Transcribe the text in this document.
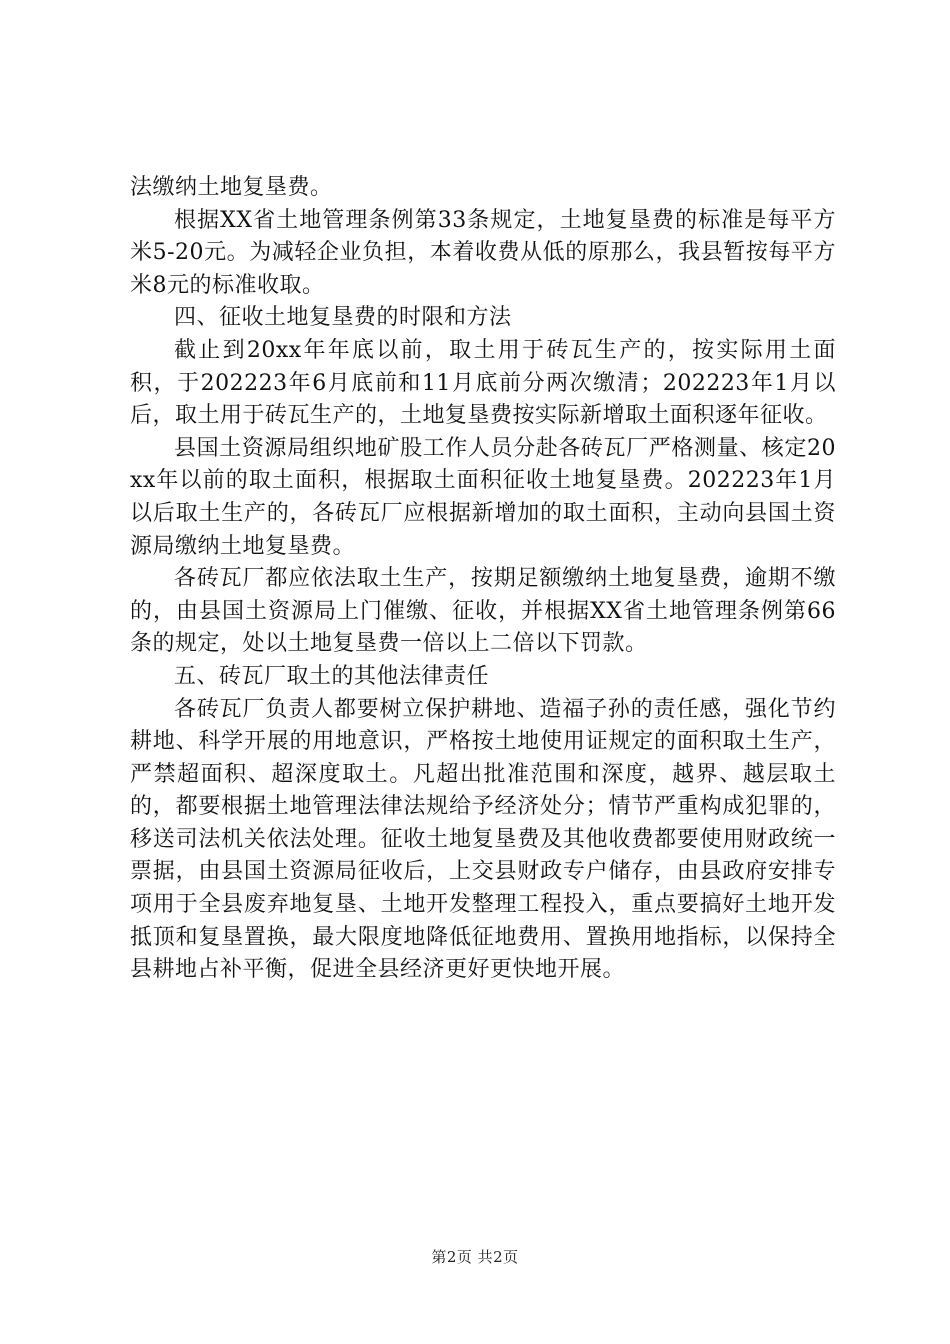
法缴纳土地复垦费。

根据XX省土地管理条例第33条规定，土地复垦费的标准是每平方米5-20元。为减轻企业负担，本着收费从低的原那么，我县暂按每平方米8元的标准收取。

四、征收土地复垦费的时限和方法

截止到20xx年年底以前，取土用于砖瓦生产的，按实际用土面积，于202223年6月底前和11月底前分两次缴清；202223年1月以后，取土用于砖瓦生产的，土地复垦费按实际新增取土面积逐年征收。

县国土资源局组织地矿股工作人员分赴各砖瓦厂严格测量、核定20xx年以前的取土面积，根据取土面积征收土地复垦费。202223年1月以后取土生产的，各砖瓦厂应根据新增加的取土面积，主动向县国土资源局缴纳土地复垦费。

各砖瓦厂都应依法取土生产，按期足额缴纳土地复垦费，逾期不缴的，由县国土资源局上门催缴、征收，并根据XX省土地管理条例第66条的规定，处以土地复垦费一倍以上二倍以下罚款。

五、砖瓦厂取土的其他法律责任

各砖瓦厂负责人都要树立保护耕地、造福子孙的责任感，强化节约耕地、科学开展的用地意识，严格按土地使用证规定的面积取土生产，严禁超面积、超深度取土。凡超出批准范围和深度，越界、越层取土的，都要根据土地管理法律法规给予经济处分；情节严重构成犯罪的，移送司法机关依法处理。征收土地复垦费及其他收费都要使用财政统一票据，由县国土资源局征收后，上交县财政专户储存，由县政府安排专项用于全县废弃地复垦、土地开发整理工程投入，重点要搞好土地开发抵顶和复垦置换，最大限度地降低征地费用、置换用地指标，以保持全县耕地占补平衡，促进全县经济更好更快地开展。

第2页 共2页
